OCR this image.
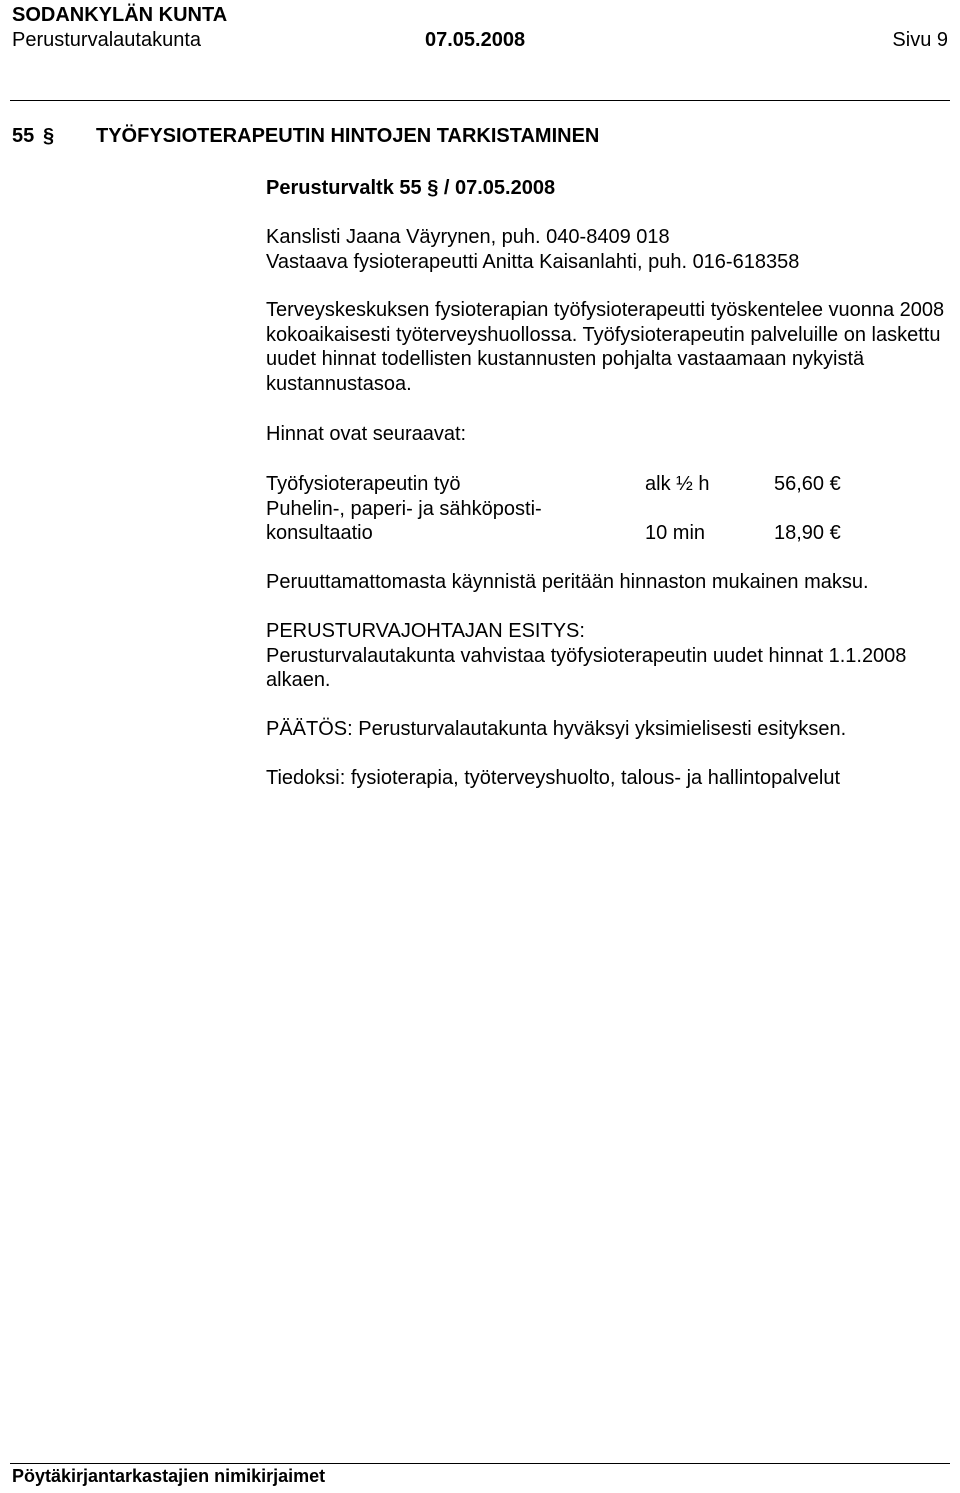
SODANKYLÄN KUNTA
Perusturvalautakunta	07.05.2008	Sivu 9
55 § TYÖFYSIOTERAPEUTIN HINTOJEN TARKISTAMINEN
Perusturvaltk 55 § / 07.05.2008
Kanslisti Jaana Väyrynen, puh. 040-8409 018
Vastaava fysioterapeutti Anitta Kaisanlahti, puh. 016-618358
Terveyskeskuksen fysioterapian työfysioterapeutti työskentelee vuonna 2008 kokoaikaisesti työterveyshuollossa. Työfysioterapeutin palveluille on laskettu uudet hinnat todellisten kustannusten pohjalta vastaamaan nykyistä kustannustasoa.
Hinnat ovat seuraavat:
Työfysioterapeutin työ	alk ½ h	56,60 €
Puhelin-, paperi- ja sähköposti-
konsultaatio	10 min	18,90 €
Peruuttamattomasta käynnistä peritään hinnaston mukainen maksu.
PERUSTURVAJOHTAJAN ESITYS:
Perusturvalautakunta vahvistaa työfysioterapeutin uudet hinnat 1.1.2008 alkaen.
PÄÄTÖS: Perusturvalautakunta hyväksyi yksimielisesti esityksen.
Tiedoksi: fysioterapia, työterveyshuolto, talous- ja hallintopalvelut
Pöytäkirjantarkastajien nimikirjaimet
